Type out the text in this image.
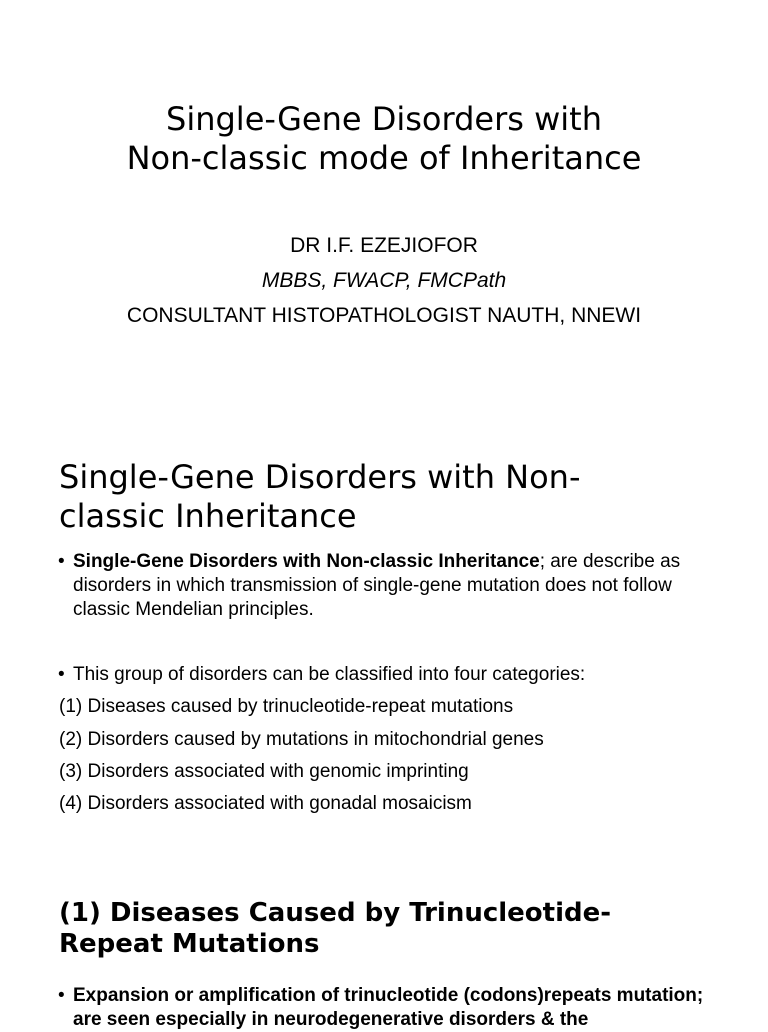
Single-Gene Disorders with
Non-classic mode of Inheritance
DR I.F. EZEJIOFOR
MBBS, FWACP, FMCPath
CONSULTANT HISTOPATHOLOGIST NAUTH, NNEWI
Single-Gene Disorders with Non-
classic Inheritance
• Single-Gene Disorders with Non-classic Inheritance; are describe as disorders in which transmission of single-gene mutation does not follow classic Mendelian principles.
• This group of disorders can be classified into four categories:
(1) Diseases caused by trinucleotide-repeat mutations
(2) Disorders caused by mutations in mitochondrial genes
(3) Disorders associated with genomic imprinting
(4) Disorders associated with gonadal mosaicism
(1) Diseases Caused by Trinucleotide-
Repeat Mutations
• Expansion or amplification of trinucleotide (codons)repeats mutation; are seen especially in neurodegenerative disorders & the
